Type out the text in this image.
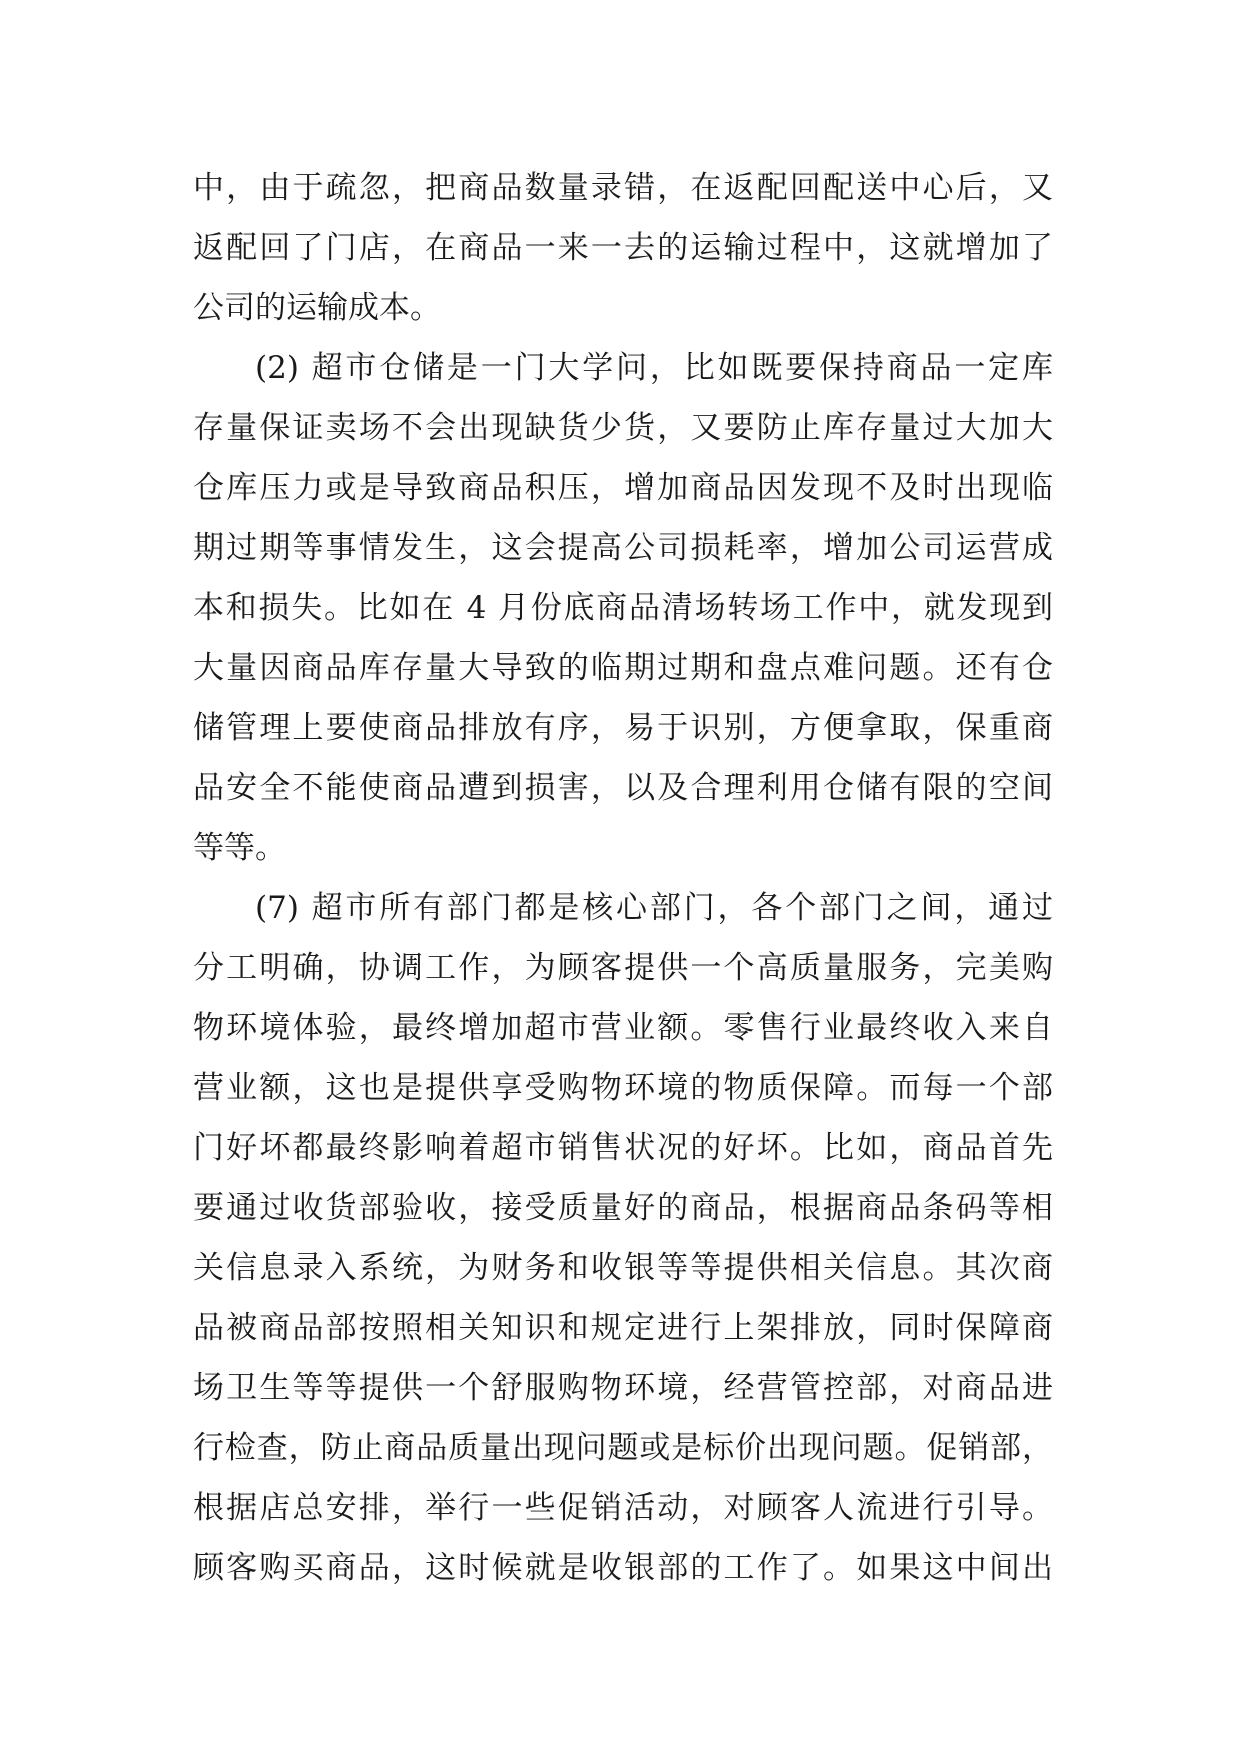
中，由于疏忽，把商品数量录错，在返配回配送中心后，又
返配回了门店，在商品一来一去的运输过程中，这就增加了
公司的运输成本。
(2) 超市仓储是一门大学问，比如既要保持商品一定库
存量保证卖场不会出现缺货少货，又要防止库存量过大加大
仓库压力或是导致商品积压，增加商品因发现不及时出现临
期过期等事情发生，这会提高公司损耗率，增加公司运营成
本和损失。比如在 4 月份底商品清场转场工作中，就发现到
大量因商品库存量大导致的临期过期和盘点难问题。还有仓
储管理上要使商品排放有序，易于识别，方便拿取，保重商
品安全不能使商品遭到损害，以及合理利用仓储有限的空间
等等。
(7) 超市所有部门都是核心部门，各个部门之间，通过
分工明确，协调工作，为顾客提供一个高质量服务，完美购
物环境体验，最终增加超市营业额。零售行业最终收入来自
营业额，这也是提供享受购物环境的物质保障。而每一个部
门好坏都最终影响着超市销售状况的好坏。比如，商品首先
要通过收货部验收，接受质量好的商品，根据商品条码等相
关信息录入系统，为财务和收银等等提供相关信息。其次商
品被商品部按照相关知识和规定进行上架排放，同时保障商
场卫生等等提供一个舒服购物环境，经营管控部，对商品进
行检查，防止商品质量出现问题或是标价出现问题。促销部，
根据店总安排，举行一些促销活动，对顾客人流进行引导。
顾客购买商品，这时候就是收银部的工作了。如果这中间出
